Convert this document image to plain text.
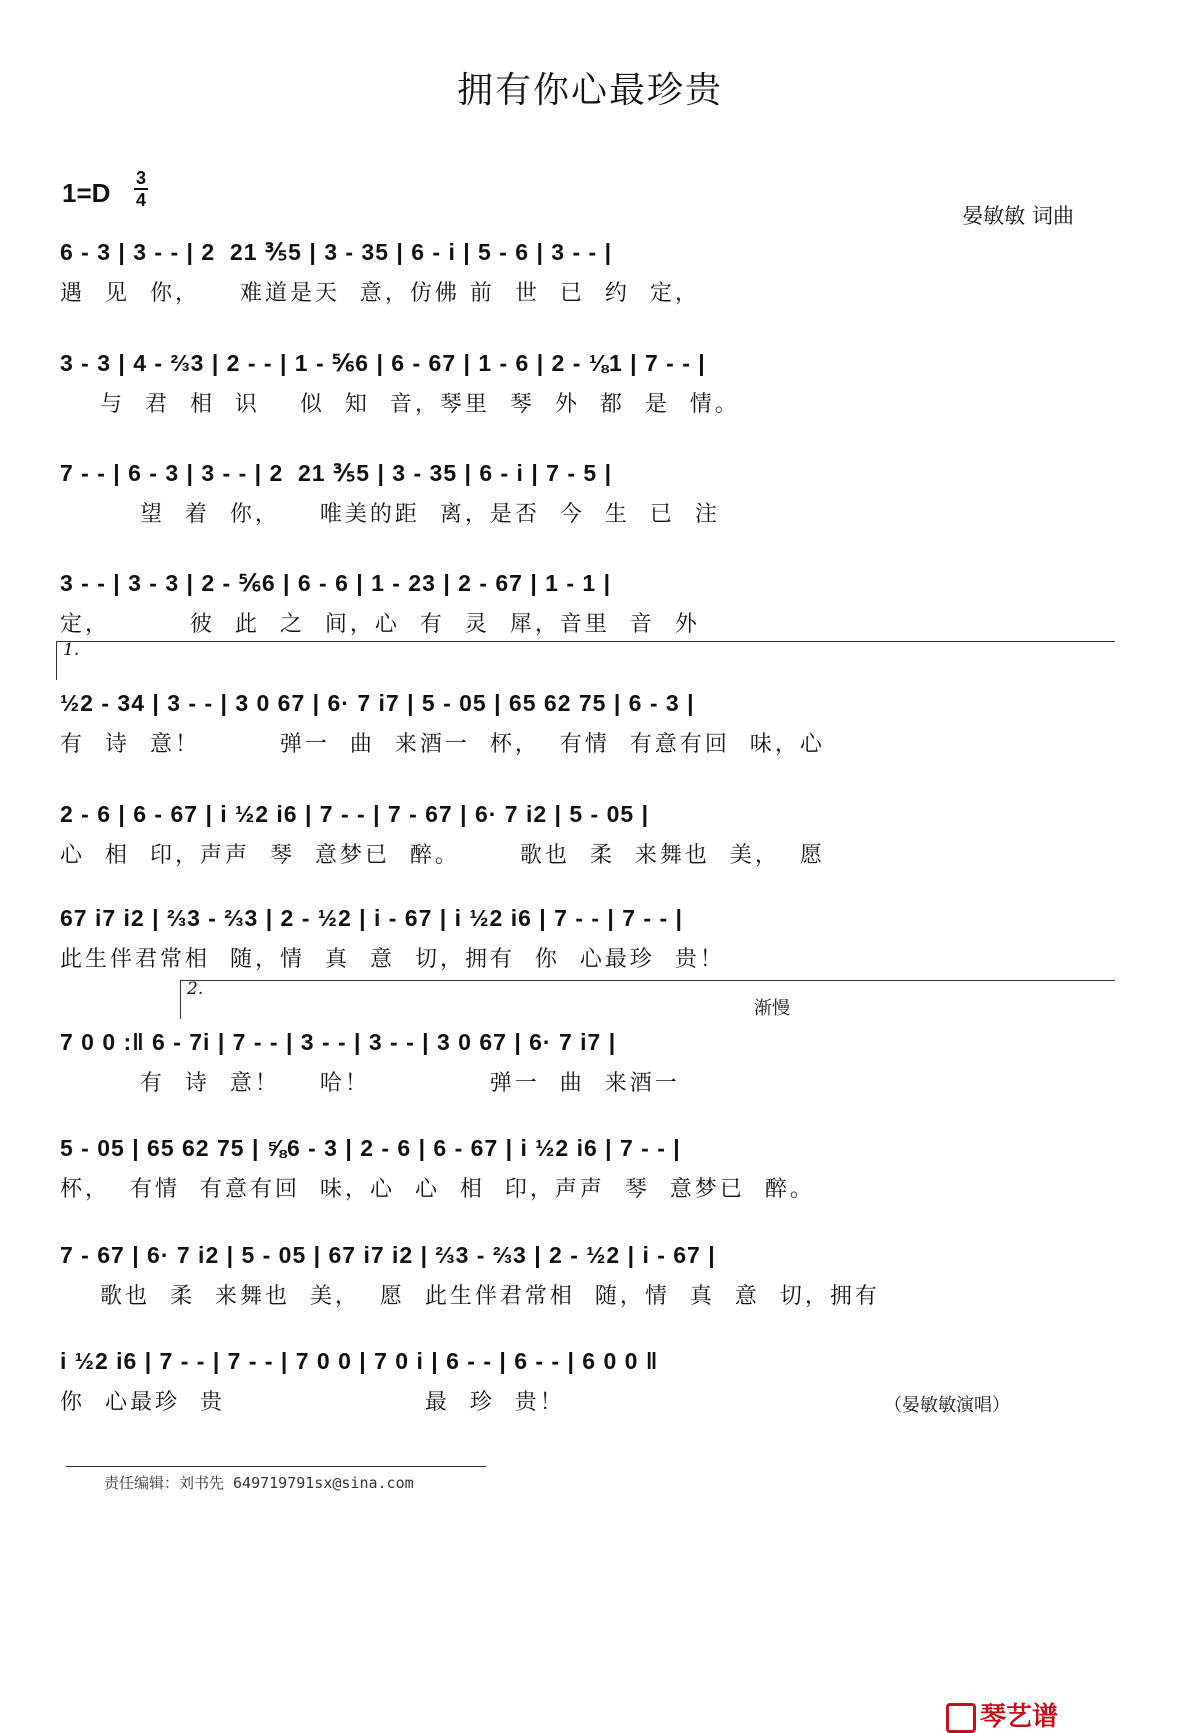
拥有你心最珍贵
1=D 3
4
晏敏敏 词曲
6 - 3 | 3 - - | 2  21 ⅗5 | 3 - 35 | 6 - i | 5 - 6 | 3 - - |
遇  见  你，    难道是天  意，仿佛 前  世  已  约  定，
3 - 3 | 4 - ⅔3 | 2 - - | 1 - ⅚6 | 6 - 67 | 1 - 6 | 2 - ⅛1 | 7 - - |
与  君  相  识    似  知  音，琴里  琴  外  都  是  情。
7 - - | 6 - 3 | 3 - - | 2  21 ⅗5 | 3 - 35 | 6 - i | 7 - 5 |
望  着  你，    唯美的距  离，是否  今  生  已  注
3 - - | 3 - 3 | 2 - ⅚6 | 6 - 6 | 1 - 23 | 2 - 67 | 1 - 1 |
定，        彼  此  之  间，心  有  灵  犀，音里  音  外
1.
½2 - 34 | 3 - - | 3 0 67 | 6· 7 i7 | 5 - 05 | 65 62 75 | 6 - 3 |
有  诗  意！        弹一  曲  来酒一  杯，  有情  有意有回  味，心
2 - 6 | 6 - 67 | i ½2 i6 | 7 - - | 7 - 67 | 6· 7 i2 | 5 - 05 |
心  相  印，声声  琴  意梦已  醉。      歌也  柔  来舞也  美，  愿
67 i7 i2 | ⅔3 - ⅔3 | 2 - ½2 | i - 67 | i ½2 i6 | 7 - - | 7 - - |
此生伴君常相  随，情  真  意  切，拥有  你  心最珍  贵！
2.
渐慢
7 0 0 :‖ 6 - 7i | 7 - - | 3 - - | 3 - - | 3 0 67 | 6· 7 i7 |
有  诗  意！    哈！            弹一  曲  来酒一
5 - 05 | 65 62 75 | ⅝6 - 3 | 2 - 6 | 6 - 67 | i ½2 i6 | 7 - - |
杯，  有情  有意有回  味，心  心  相  印，声声  琴  意梦已  醉。
7 - 67 | 6· 7 i2 | 5 - 05 | 67 i7 i2 | ⅔3 - ⅔3 | 2 - ½2 | i - 67 |
歌也  柔  来舞也  美，  愿  此生伴君常相  随，情  真  意  切，拥有
i ½2 i6 | 7 - - | 7 - - | 7 0 0 | 7 0 i | 6 - - | 6 - - | 6 0 0 ‖
你  心最珍  贵                    最  珍  贵！	（晏敏敏演唱）
责任编辑：刘书先 649719791sx@sina.com
琴艺谱
